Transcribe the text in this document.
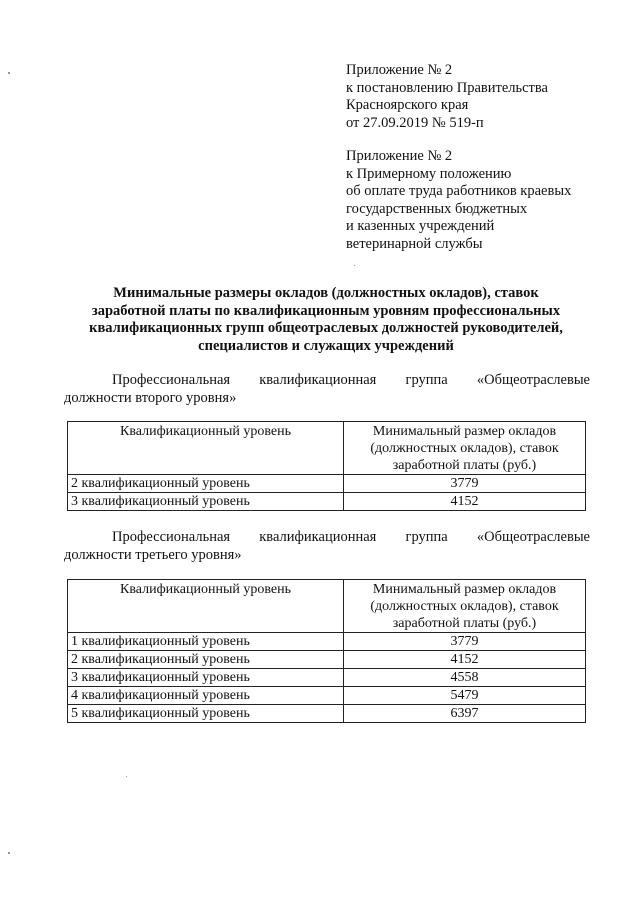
Приложение № 2
к постановлению Правительства
Красноярского края
от 27.09.2019 № 519-п
Приложение № 2
к Примерному положению
об оплате труда работников краевых
государственных бюджетных
и казенных учреждений
ветеринарной службы
Минимальные размеры окладов (должностных окладов), ставок
заработной платы по квалификационным уровням профессиональных
квалификационных групп общеотраслевых должностей руководителей,
специалистов и служащих учреждений
Профессиональная квалификационная группа «Общеотраслевые
должности второго уровня»
Квалификационный уровень	Минимальный размер окладов
(должностных окладов), ставок
заработной платы (руб.)

2 квалификационный уровень	3779
3 квалификационный уровень	4152
Профессиональная квалификационная группа «Общеотраслевые
должности третьего уровня»
Квалификационный уровень	Минимальный размер окладов
(должностных окладов), ставок
заработной платы (руб.)

1 квалификационный уровень	3779
2 квалификационный уровень	4152
3 квалификационный уровень	4558
4 квалификационный уровень	5479
5 квалификационный уровень	6397
